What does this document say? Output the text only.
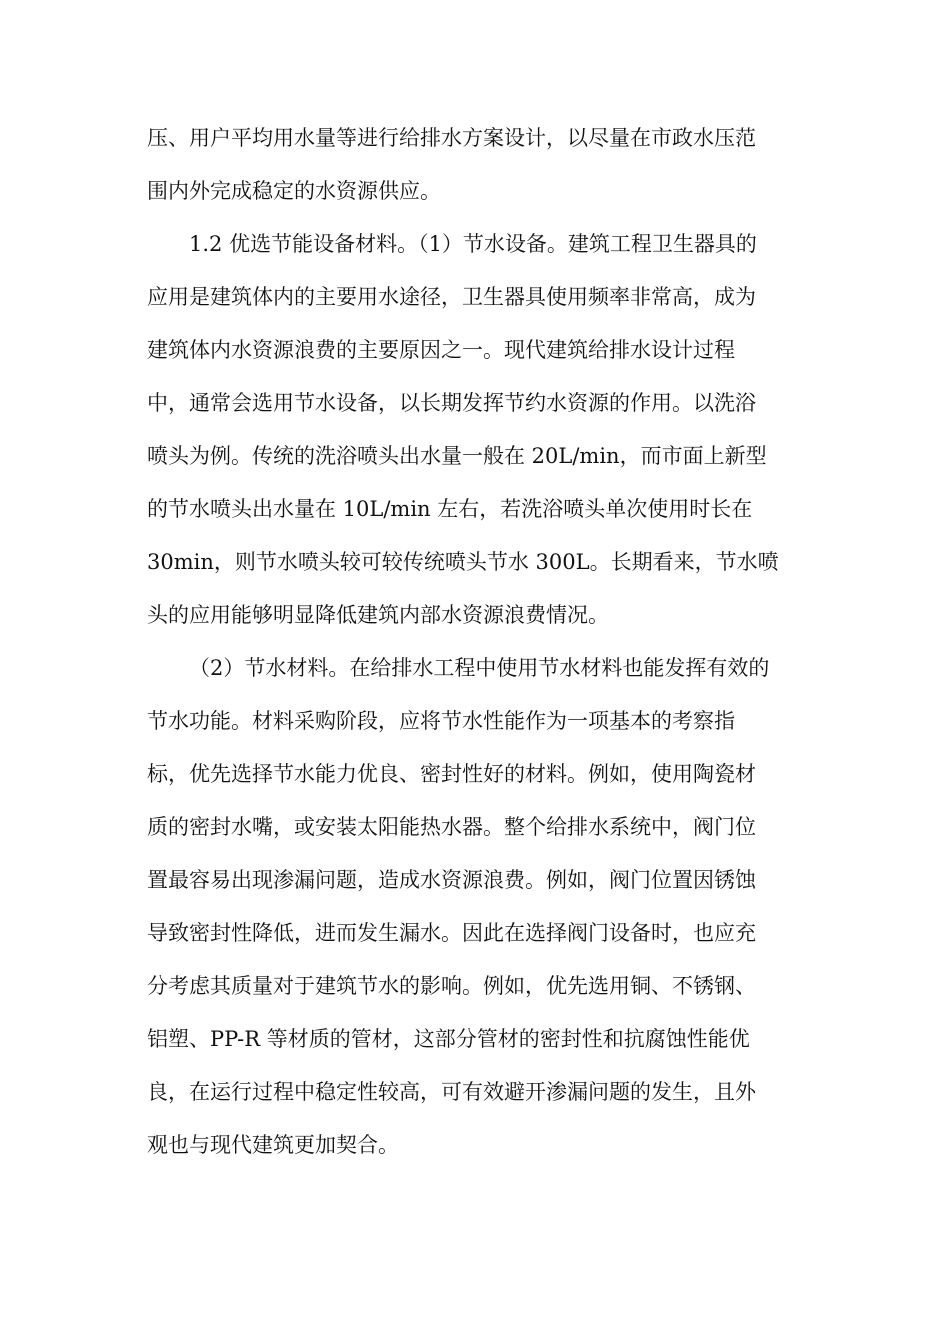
压、用户平均用水量等进行给排水方案设计，以尽量在市政水压范
围内外完成稳定的水资源供应。
1.2 优选节能设备材料。（1）节水设备。建筑工程卫生器具的
应用是建筑体内的主要用水途径，卫生器具使用频率非常高，成为
建筑体内水资源浪费的主要原因之一。现代建筑给排水设计过程
中，通常会选用节水设备，以长期发挥节约水资源的作用。以洗浴
喷头为例。传统的洗浴喷头出水量一般在 20L/min，而市面上新型
的节水喷头出水量在 10L/min 左右，若洗浴喷头单次使用时长在
30min，则节水喷头较可较传统喷头节水 300L。长期看来，节水喷
头的应用能够明显降低建筑内部水资源浪费情况。
（2）节水材料。在给排水工程中使用节水材料也能发挥有效的
节水功能。材料采购阶段，应将节水性能作为一项基本的考察指
标，优先选择节水能力优良、密封性好的材料。例如，使用陶瓷材
质的密封水嘴，或安装太阳能热水器。整个给排水系统中，阀门位
置最容易出现渗漏问题，造成水资源浪费。例如，阀门位置因锈蚀
导致密封性降低，进而发生漏水。因此在选择阀门设备时，也应充
分考虑其质量对于建筑节水的影响。例如，优先选用铜、不锈钢、
铝塑、PP-R 等材质的管材，这部分管材的密封性和抗腐蚀性能优
良，在运行过程中稳定性较高，可有效避开渗漏问题的发生，且外
观也与现代建筑更加契合。
